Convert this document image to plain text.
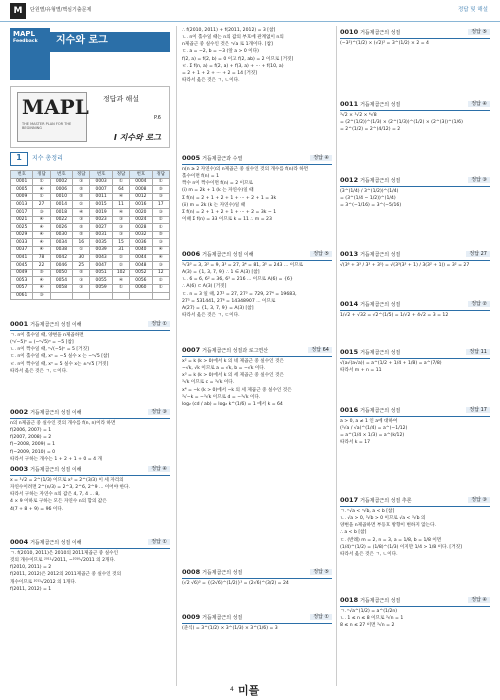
M	단원별/유형별/핵심기출문제	정답 및 해설
MAPL
Feedback	지수와 로그
MAPL
THE MASTER PLAN FOR THE BEGINNING
정답과 해설
P.6
I 지수와 로그
1	지수 총정리
번호	정답	번호	정답	번호	정답	번호	정답
0001	①	0002	③	0003	①	0004	①
0005	④	0006	⑤	0007	64	0008	⑤
0009	①	0010	⑤	0011	④	0012	③
0013	27	0014	②	0015	11	0016	17
0017	③	0018	④	0019	④	0020	③
0021	④	0022	③	0023	③	0024	②
0025	④	0026	⑤	0027	③	0028	①
0029	④	0030	⑤	0031	③	0032	⑤
0033	④	0034	16	0035	15	0036	③
0037	④	0038	①	0039	31	0040	④
0041	78	0042	30	0043	②	0044	④
0045	22	0046	25	0047	②	0048	③
0049	⑤	0050	⑤	0051	102	0052	12
0053	④	0054	③	0055	④	0056	②
0057	④	0058	③	0059	①	0060	①
0061	③						
0001 거듭제곱근의 성질 이해	정답 ①

ㄱ. n이 홀수일 때, 양변을 n제곱하면

(ⁿ√−5)ⁿ = (−ⁿ√5)ⁿ = −5 [참]

ㄴ. n이 짝수일 때, ⁿ√(−5)ⁿ = 5 [거짓]

ㄷ. n이 홀수일 때, xⁿ = −5 실수 x 는 −ⁿ√5 [참]

ㄹ. n이 짝수일 때, xⁿ = 5 실수 x는 ±ⁿ√5 [거짓]

따라서 옳은 것은 ㄱ, ㄷ이다.

0002 거듭제곱근의 성질 이해	정답 ③

n의 n제곱근 중 실수인 것의 개수를 f(n, n)이라 하면

f(2006, 2007) = 1

f(2007, 2008) = 2

f(−2008, 2009) = 1

f(−2009, 2010) = 0

따라서 구하는 개수는 1 + 2 + 1 + 0 = 4 개

0003 거듭제곱근의 성질 이해	정답 ④

x = ³√2 = 2^(1/3) 이므로 x³ = 2^(3/3) 이 세 자리의

자연수이려면 2^(n/3) = 2^3, 2^6, 2^9 ... 이어야 한다.

따라서 구하는 자연수 n의 값은 4, 7, 4 ... 8,

4 × 9 이하로 구하는 모든 자연수 n의 합의 값은

4(7 + 8 + 9) = 96 이다.

0004 거듭제곱근의 성질 이해	정답 ①

ㄱ. f(2010, 2011)은 2010의 2011제곱근 중 실수인

것의 개수이므로 ²⁰¹¹√2011, −²⁰¹⁰√2011 의 2개다.

f(2010, 2011) = 2

f(2011, 2012)은 2012의 2011제곱근 중 실수인 것의

개수이므로 ²⁰¹¹√2012 의 1개다.

f(2011, 2012) = 1

∴ f(2010, 2011) + f(2011, 2012) = 3 [참]

ㄴ. n이 홀수일 때는 n의 값의 부호에 관계없이 n의

n제곱근 중 실수인 것은 ⁿ√a 로 1개이다. [참]

ㄷ. a = −2, b = −3 (앞 a > 0 이다)

f(2, a) = f(2, b) = 0 이고 f(2, ab) = 2 이므로 [거짓]

ㄹ. Σ f(n, a) = f(2, a) + f(3, a) + ··· + f(10, a)

= 2 + 1 + 2 + ··· + 2 = 14 [거짓]

따라서 옳은 것은 ㄱ, ㄴ이다.

0005 거듭제곱근과 수열	정답 ④

n(n ≥ 2 자연수)의 n제곱근 중 실수인 것의 개수를 f(n)라 하면

홀수이면 f(n) = 1

짝수 n이 짝수이면 f(n) = 2 이므로

(i) m = 2k + 1 (k 는 자연수)일 때

Σ f(n) = 2 + 1 + 2 + 1 + ··· + 2 + 1 = 3k

(ii) m = 2k (k 는 자연수)일 때

Σ f(n) = 2 + 1 + 2 + 1 + ··· + 2 = 3k − 1

이때 Σ f(n) = 33 이므로 k = 11 ∴ m = 23

0006 거듭제곱근의 성질 이해	정답 ⑤

³√3³ = 3, 3² = 9, 3³ = 27, 3⁴ = 81, 3⁵ = 243 ... 이므로

A(3) = {1, 3, 7, 9} ∴ 1 ∈ A(3) [참]

ㄴ. 6 = 6, 6² = 36, 6³ = 216 ... 이므로 A(6) = {6}

∴ A(6) ⊂ A(3) [거짓]

ㄷ. n = 3 일 때, 27² = 27, 27³ = 729, 27⁴ = 19683,

27⁵ = 531441, 27⁶ = 14348907 ... 이므로

A(27) = {1, 3, 7, 9} = A(3) [참]

따라서 옳은 것은 ㄱ, ㄷ이다.

0007 거듭제곱근의 성질과 로그연산	정답 64

x² = k (k > 0)에서 k 의 네 제곱근 중 실수인 것은

−√k, √k 이므로 a = √k, b = −√k 이다.

x³ = k (k > 0)에서 k 의 세 제곱근 중 실수인 것은

³√k 이므로 c = ³√k 이다.

x⁴ = −k (k > 0)에서 −k 의 세 제곱근 중 실수인 것은

³√−k = −³√k 이므로 d = −³√k 이다.

log₂ (cd / ab) = log₂ k^(1/6) = 1 에서 k = 64

0008 거듭제곱근의 성질	정답 ⑤

(√2 √6)³ = {(2√6)^(1/2)}³ = (2√6)^(3/2) = 24

0009 거듭제곱근의 성질	정답 ①

(준식) = 3^(1/2) × 3^(1/3) × 3^(1/6) = 3

0010 거듭제곱근의 성질	정답 ⑤

(−3²)^(1/2) × (√2)² = 3^(1/2) × 2 = 4

0011 거듭제곱근의 성질	정답 ④

³√2 × ³√2 × ⁶√8

= (2^(1/2))^(1/3) × (2^(1/3))^(1/2) × (2^(3))^(1/6)

= 2^(1/2) = 2^(4/12) = 2

0012 거듭제곱근의 성질	정답 ③

(3^(1/4) / 3^(1/2))^(1/4)

= (3^(1/4 − 1/2))^(1/4)

= 3^(−1/16) = 3^(−5/16)

0013 거듭제곱근의 성질	정답 27

√(3⁶ + 3³ / 3³ + 3¹) = √(3³(3³ + 1) / 3(3² + 1)) = 3² = 27

0014 거듭제곱근의 성질	정답 ②

1/√2 + √32 = √2^(1/5) = 1/√2 + 4√2 = 3 = 12

0015 거듭제곱근의 성질	정답 11

√(a√(a√a)) = a^(1/2 + 1/4 + 1/8) = a^(7/8)

따라서 m + n = 11

0016 거듭제곱근의 성질	정답 17

a > 0, a ≠ 1 인 a에 대하여

(³√a / √a)^(1/4) = a^(−1/12)

= a^(1/4 × 1/3) = a^(k/12)

따라서 k = 17

0017 거듭제곱근의 성질 추론	정답 ③

ㄱ. ⁿ√a < ⁿ√b, a < b [참]

ㄴ. √a > 0, ³√b > 0 이므로 √a < ³√b 의

양변을 n제곱하면 부등호 방향이 변하지 않는다.

∴ a < b [참]

ㄷ. (반례) m = 2, n = 3, a = 1/8, b = 1/8 이면

(1/4)^(1/2) = (1/8)^(1/3) 이지만 1/4 > 1/8 이다. [거짓]

따라서 옳은 것은 ㄱ, ㄴ이다.

0018 거듭제곱근의 성질	정답 ④

ㄱ. ⁿ√a^(1/2) = a^(1/2n)

ㄴ. 1 ≤ n ≤ 8 이므로 ³√n = 1

8 ≤ n ≤ 27 이면 ³√n = 2

4 미플
